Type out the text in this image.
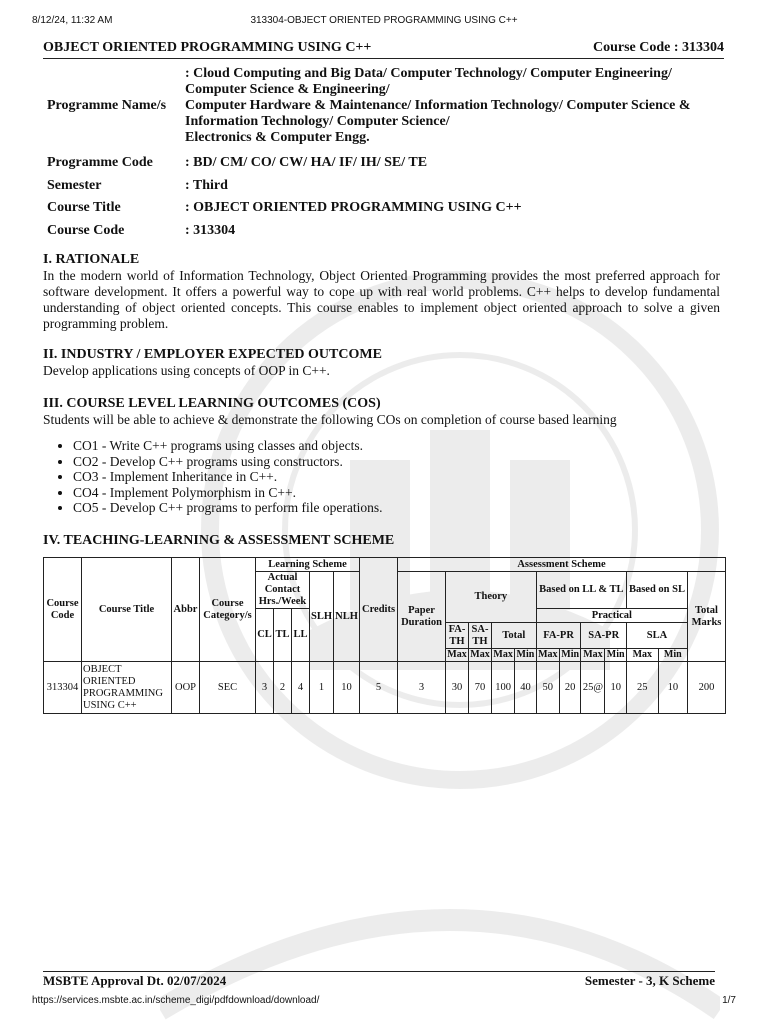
8/12/24, 11:32 AM	313304-OBJECT ORIENTED PROGRAMMING USING C++
OBJECT ORIENTED PROGRAMMING USING C++	Course Code : 313304
Programme Name/s	: Cloud Computing and Big Data/ Computer Technology/ Computer Engineering/
Computer Science & Engineering/
Computer Hardware & Maintenance/ Information Technology/ Computer Science &
Information Technology/ Computer Science/
Electronics & Computer Engg.

Programme Code	: BD/ CM/ CO/ CW/ HA/ IF/ IH/ SE/ TE
Semester	: Third
Course Title	: OBJECT ORIENTED PROGRAMMING USING C++
Course Code	: 313304
I. RATIONALE

In the modern world of Information Technology, Object Oriented Programming provides the most preferred approach for software development. It offers a powerful way to cope up with real world problems. C++ helps to develop fundamental understanding of object oriented concepts. This course enables to implement object oriented approach to solve a given programming problem.

II. INDUSTRY / EMPLOYER EXPECTED OUTCOME

Develop applications using concepts of OOP in C++.

III. COURSE LEVEL LEARNING OUTCOMES (COS)

Students will be able to achieve & demonstrate the following COs on completion of course based learning

• CO1 - Write C++ programs using classes and objects.
• CO2 - Develop C++ programs using constructors.
• CO3 - Implement Inheritance in C++.
• CO4 - Implement Polymorphism in C++.
• CO5 - Develop C++ programs to perform file operations.
IV. TEACHING-LEARNING & ASSESSMENT SCHEME
Course Code	Course Title	Abbr	Course Category/s	Learning Scheme					Credits	Assessment Scheme											
				Actual Contact Hrs./Week			SLH	NLH		Paper Duration	Theory				Based on LL & TL				Based on SL		Total Marks
				CL	TL	LL									Practical						
											FA-TH	SA-TH	Total		FA-PR		SA-PR		SLA		
											Max	Max	Max	Min	Max	Min	Max	Min	Max	Min	
313304	OBJECT ORIENTED PROGRAMMING USING C++	OOP	SEC	3	2	4	1	10	5	3	30	70	100	40	50	20	25@	10	25	10	200
MSBTE Approval Dt. 02/07/2024	Semester - 3, K Scheme
https://services.msbte.ac.in/scheme_digi/pdfdownload/download/	1/7
